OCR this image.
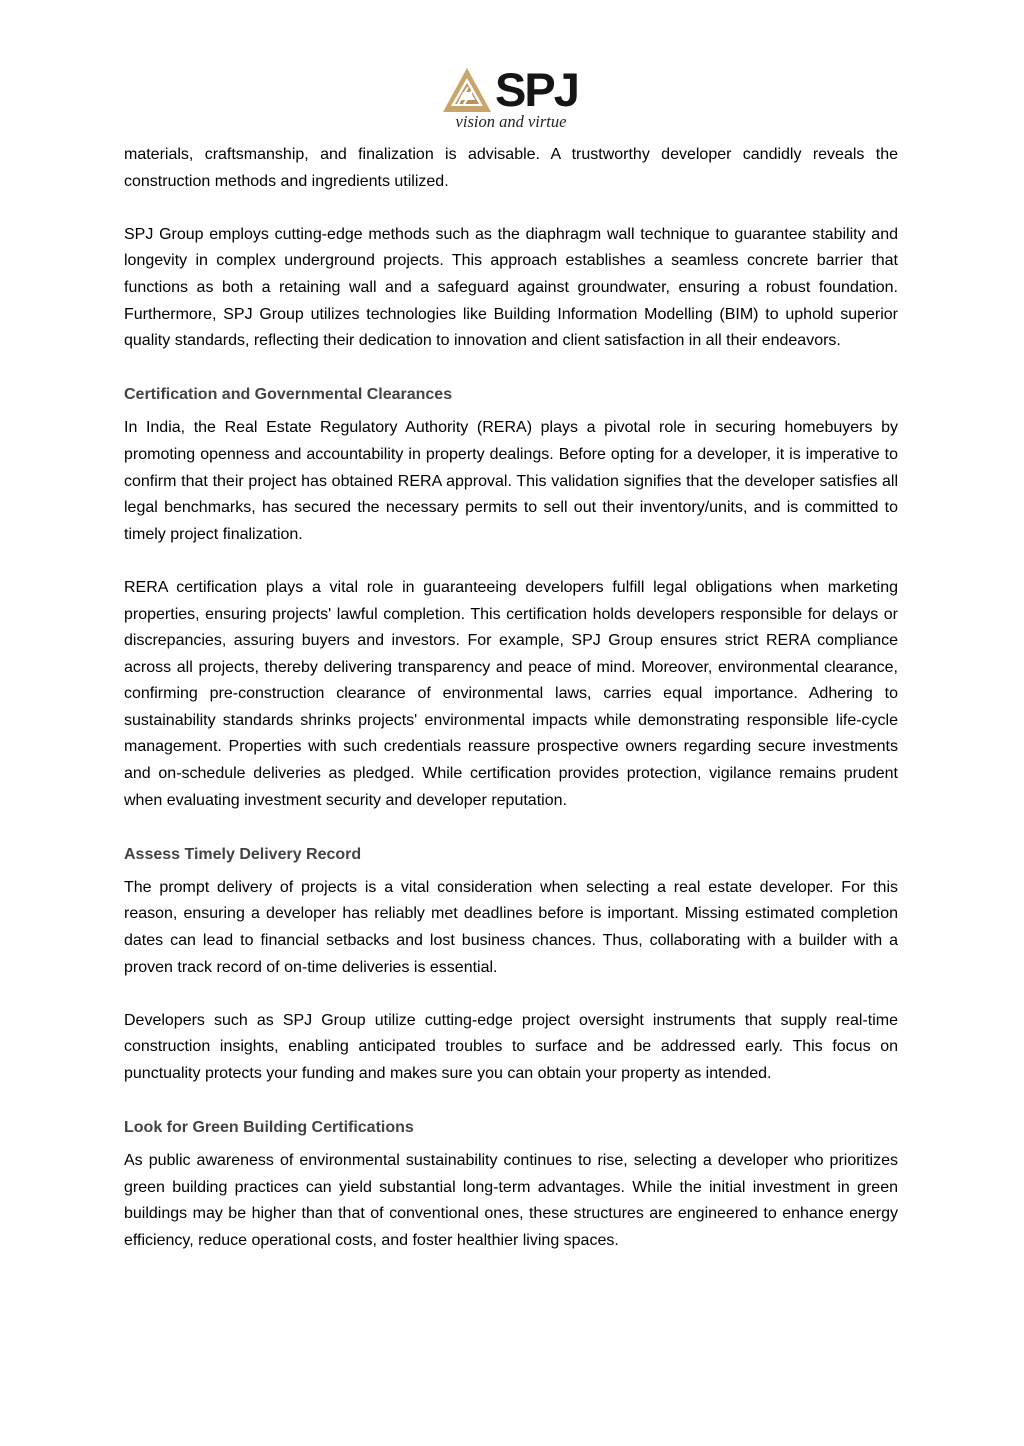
SPJ
vision and virtue

materials, craftsmanship, and finalization is advisable. A trustworthy developer candidly reveals the construction methods and ingredients utilized.

SPJ Group employs cutting-edge methods such as the diaphragm wall technique to guarantee stability and longevity in complex underground projects. This approach establishes a seamless concrete barrier that functions as both a retaining wall and a safeguard against groundwater, ensuring a robust foundation. Furthermore, SPJ Group utilizes technologies like Building Information Modelling (BIM) to uphold superior quality standards, reflecting their dedication to innovation and client satisfaction in all their endeavors.

Certification and Governmental Clearances

In India, the Real Estate Regulatory Authority (RERA) plays a pivotal role in securing homebuyers by promoting openness and accountability in property dealings. Before opting for a developer, it is imperative to confirm that their project has obtained RERA approval. This validation signifies that the developer satisfies all legal benchmarks, has secured the necessary permits to sell out their inventory/units, and is committed to timely project finalization.

RERA certification plays a vital role in guaranteeing developers fulfill legal obligations when marketing properties, ensuring projects' lawful completion. This certification holds developers responsible for delays or discrepancies, assuring buyers and investors. For example, SPJ Group ensures strict RERA compliance across all projects, thereby delivering transparency and peace of mind. Moreover, environmental clearance, confirming pre-construction clearance of environmental laws, carries equal importance. Adhering to sustainability standards shrinks projects' environmental impacts while demonstrating responsible life-cycle management. Properties with such credentials reassure prospective owners regarding secure investments and on-schedule deliveries as pledged. While certification provides protection, vigilance remains prudent when evaluating investment security and developer reputation.

Assess Timely Delivery Record

The prompt delivery of projects is a vital consideration when selecting a real estate developer. For this reason, ensuring a developer has reliably met deadlines before is important. Missing estimated completion dates can lead to financial setbacks and lost business chances. Thus, collaborating with a builder with a proven track record of on-time deliveries is essential.

Developers such as SPJ Group utilize cutting-edge project oversight instruments that supply real-time construction insights, enabling anticipated troubles to surface and be addressed early. This focus on punctuality protects your funding and makes sure you can obtain your property as intended.

Look for Green Building Certifications

As public awareness of environmental sustainability continues to rise, selecting a developer who prioritizes green building practices can yield substantial long-term advantages. While the initial investment in green buildings may be higher than that of conventional ones, these structures are engineered to enhance energy efficiency, reduce operational costs, and foster healthier living spaces.
